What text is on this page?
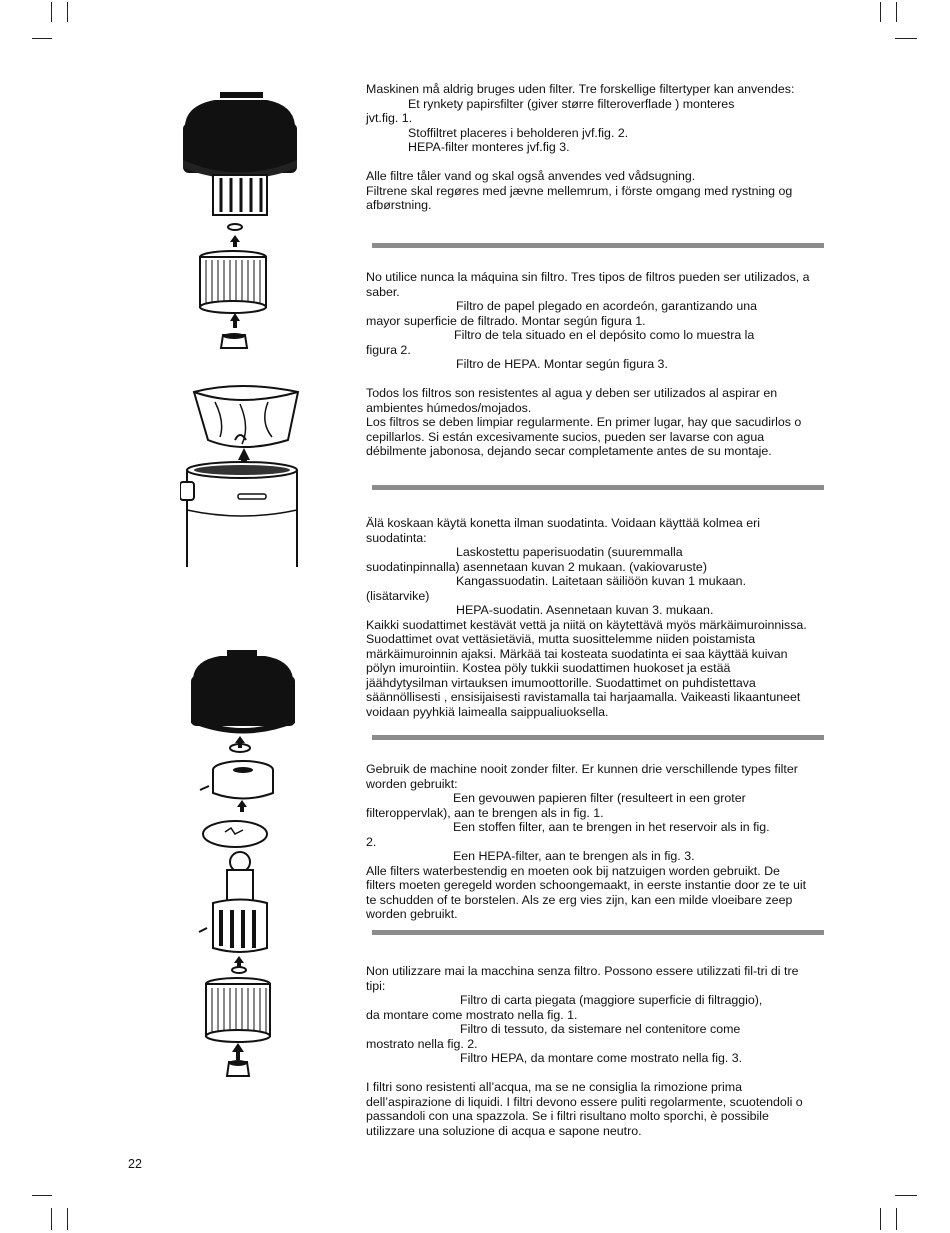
Maskinen må aldrig bruges uden filter. Tre forskellige filtertyper kan anvendes:

Et rynkety papirsfilter (giver større filteroverflade ) monteres

jvt.fig. 1.

Stoffiltret placeres i beholderen jvf.fig. 2.

HEPA-filter monteres jvf.fig 3.

Alle filtre tåler vand og skal også anvendes ved vådsugning.

Filtrene skal regøres med jævne mellemrum, i förste omgang med rystning og afbørstning.

No utilice nunca la máquina sin filtro. Tres tipos de filtros pueden ser utilizados, a saber.

Filtro de papel plegado en acordeón, garantizando una

mayor superficie de filtrado. Montar según figura 1.

Filtro de tela situado en el depósito como lo muestra la

figura 2.

Filtro de HEPA. Montar según figura 3.

Todos los filtros son resistentes al agua y deben ser utilizados al aspirar en ambientes húmedos/mojados.

Los filtros se deben limpiar regularmente. En primer lugar, hay que sacudirlos o cepillarlos. Si están excesivamente sucios, pueden ser lavarse con agua débilmente jabonosa, dejando secar completamente antes de su montaje.

Älä koskaan käytä konetta ilman suodatinta. Voidaan käyttää kolmea eri suodatinta:

Laskostettu paperisuodatin (suuremmalla

suodatinpinnalla) asennetaan kuvan 2 mukaan. (vakiovaruste)

Kangassuodatin. Laitetaan säiliöön kuvan 1 mukaan.

(lisätarvike)

HEPA-suodatin. Asennetaan kuvan 3. mukaan.

Kaikki suodattimet kestävät vettä ja niitä on käytettävä myös märkäimuroinnissa. Suodattimet ovat vettäsietäviä, mutta suosittelemme niiden poistamista märkäimuroinnin ajaksi. Märkää tai kosteata suodatinta ei saa käyttää kuivan pölyn imurointiin. Kostea pöly tukkii suodattimen huokoset ja estää jäähdytysilman virtauksen imumoottorille. Suodattimet on puhdistettava säännöllisesti , ensisijaisesti ravistamalla tai harjaamalla. Vaikeasti likaantuneet voidaan pyyhkiä laimealla saippualiuoksella.

Gebruik de machine nooit zonder filter. Er kunnen drie verschillende types filter worden gebruikt:

Een gevouwen papieren filter (resulteert in een groter

filteroppervlak), aan te brengen als in fig. 1.

Een stoffen filter, aan te brengen in het reservoir als in fig.

2.

Een HEPA-filter, aan te brengen als in fig. 3.

Alle filters waterbestendig en moeten ook bij natzuigen worden gebruikt. De filters moeten geregeld worden schoongemaakt, in eerste instantie door ze te uit te schudden of te borstelen. Als ze erg vies zijn, kan een milde vloeibare zeep worden gebruikt.

Non utilizzare mai la macchina senza filtro. Possono essere utilizzati fil-tri di tre tipi:

Filtro di carta piegata (maggiore superficie di filtraggio),

da montare come mostrato nella fig. 1.

Filtro di tessuto, da sistemare nel contenitore come

mostrato nella fig. 2.

Filtro HEPA, da montare come mostrato nella fig. 3.

I filtri sono resistenti all’acqua, ma se ne consiglia la rimozione prima dell’aspirazione di liquidi. I filtri devono essere puliti regolarmente, scuotendoli o passandoli con una spazzola. Se i filtri risultano molto sporchi, è possibile utilizzare una soluzione di acqua e sapone neutro.

22
